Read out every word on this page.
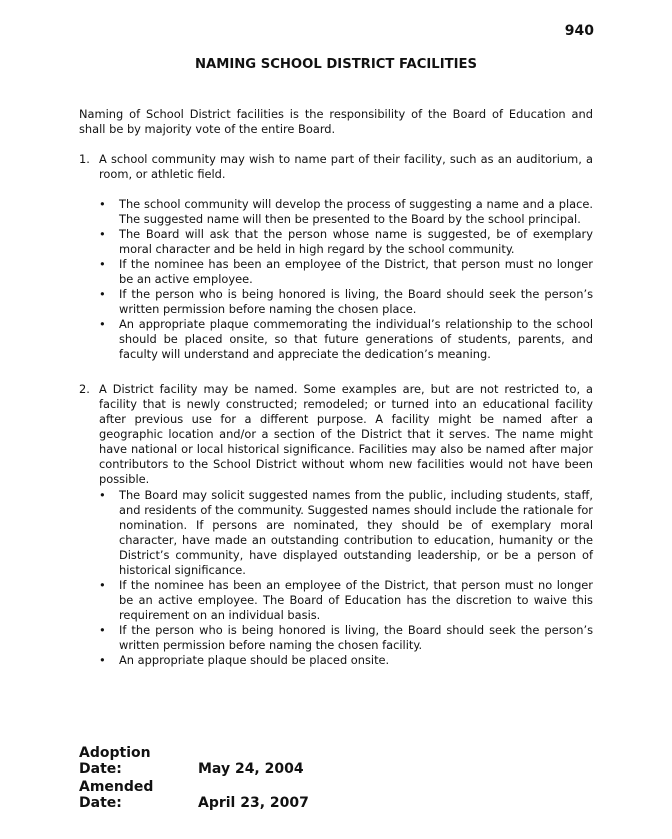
940
NAMING SCHOOL DISTRICT FACILITIES
Naming of School District facilities is the responsibility of the Board of Education and shall be by majority vote of the entire Board.
1. A school community may wish to name part of their facility, such as an auditorium, a room, or athletic field.
• The school community will develop the process of suggesting a name and a place. The suggested name will then be presented to the Board by the school principal.
• The Board will ask that the person whose name is suggested, be of exemplary moral character and be held in high regard by the school community.
• If the nominee has been an employee of the District, that person must no longer be an active employee.
• If the person who is being honored is living, the Board should seek the person’s written permission before naming the chosen place.
• An appropriate plaque commemorating the individual’s relationship to the school should be placed onsite, so that future generations of students, parents, and faculty will understand and appreciate the dedication’s meaning.
2. A District facility may be named. Some examples are, but are not restricted to, a facility that is newly constructed; remodeled; or turned into an educational facility after previous use for a different purpose. A facility might be named after a geographic location and/or a section of the District that it serves. The name might have national or local historical significance. Facilities may also be named after major contributors to the School District without whom new facilities would not have been possible.
• The Board may solicit suggested names from the public, including students, staff, and residents of the community. Suggested names should include the rationale for nomination. If persons are nominated, they should be of exemplary moral character, have made an outstanding contribution to education, humanity or the District’s community, have displayed outstanding leadership, or be a person of historical significance.
• If the nominee has been an employee of the District, that person must no longer be an active employee. The Board of Education has the discretion to waive this requirement on an individual basis.
• If the person who is being honored is living, the Board should seek the person’s written permission before naming the chosen facility.
• An appropriate plaque should be placed onsite.
Adoption Date:	May 24, 2004
Amended Date:	April 23, 2007
